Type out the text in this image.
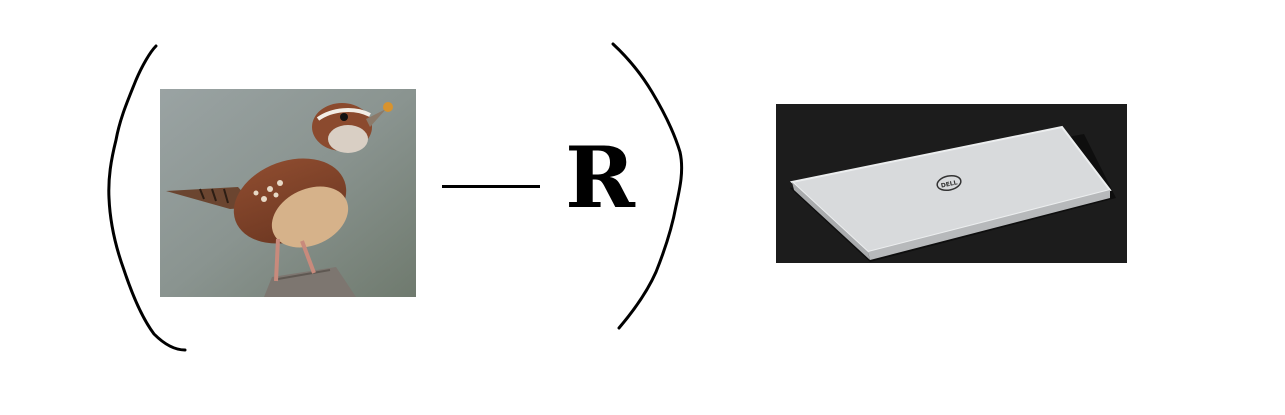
R	DELL
